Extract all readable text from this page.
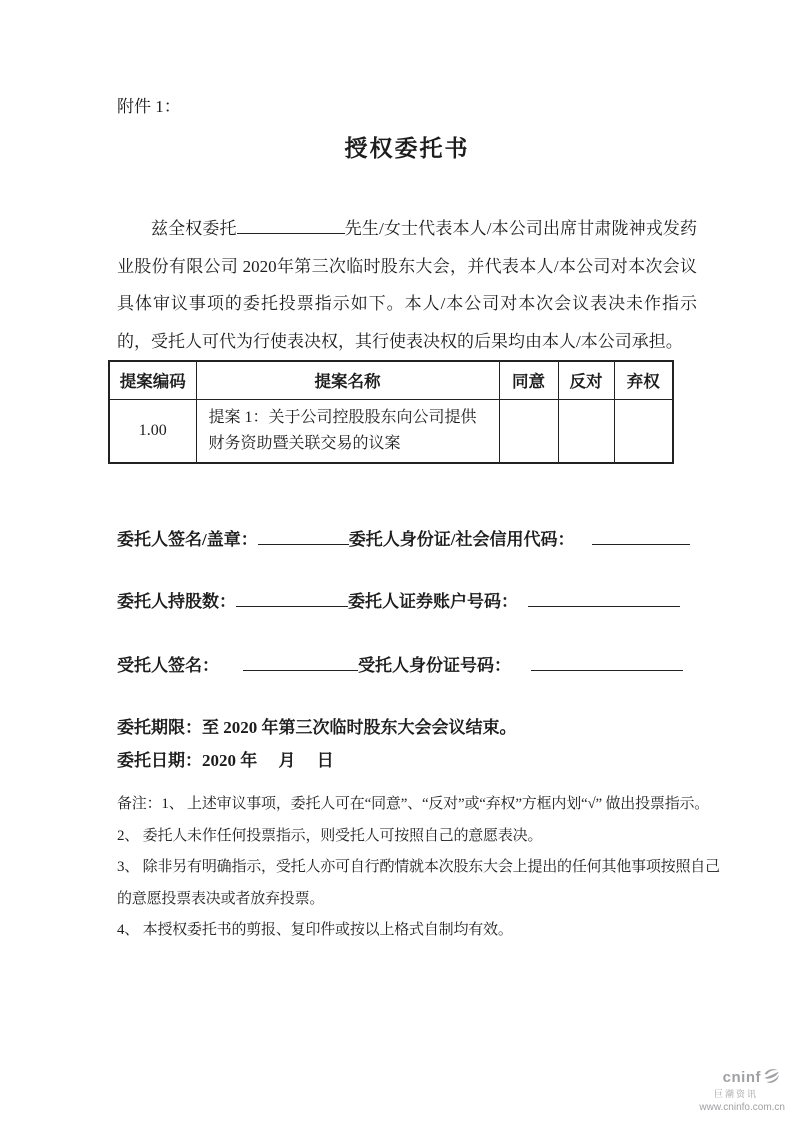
附件 1：

授权委托书

兹全权委托	先生/女士代表本人/本公司出席甘肃陇神戎发药业股份有限公司 2020年第三次临时股东大会，并代表本人/本公司对本次会议具体审议事项的委托投票指示如下。本人/本公司对本次会议表决未作指示的，受托人可代为行使表决权，其行使表决权的后果均由本人/本公司承担。

提案编码	提案名称	同意	反对	弃权
1.00	提案 1：关于公司控股股东向公司提供财务资助暨关联交易的议案			

委托人签名/盖章：	委托人身份证/社会信用代码：

委托人持股数：	委托人证券账户号码：

受托人签名：	受托人身份证号码：

委托期限：至 2020 年第三次临时股东大会会议结束。

委托日期：2020 年　 月　 日

备注：1、 上述审议事项，委托人可在“同意”、“反对”或“弃权”方框内划“√” 做出投票指示。

2、 委托人未作任何投票指示，则受托人可按照自己的意愿表决。

3、 除非另有明确指示，受托人亦可自行酌情就本次股东大会上提出的任何其他事项按照自己的意愿投票表决或者放弃投票。

4、 本授权委托书的剪报、复印件或按以上格式自制均有效。

cninf
巨潮资讯
www.cninfo.com.cn
